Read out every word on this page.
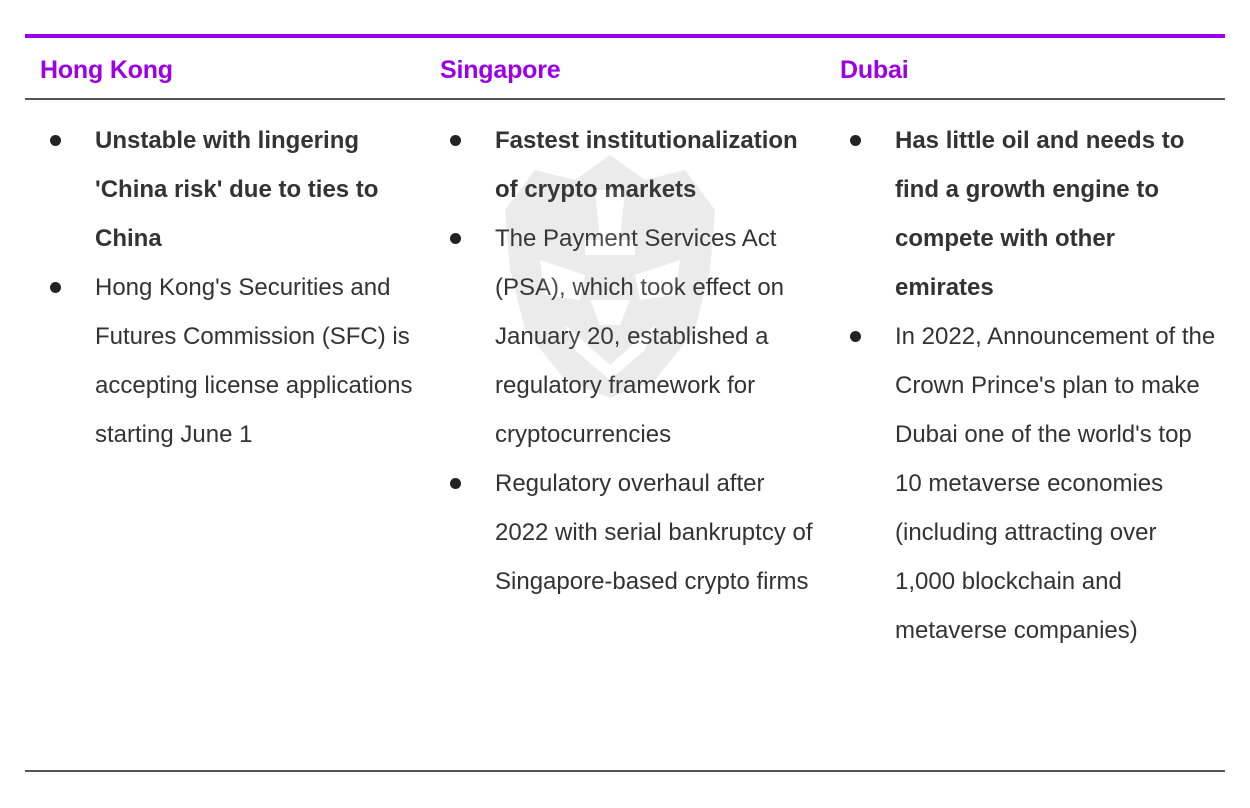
Hong Kong	Singapore	Dubai
Unstable with lingering 'China risk' due to ties to China
Hong Kong's Securities and Futures Commission (SFC) is accepting license applications starting June 1
Fastest institutionalization of crypto markets
The Payment Services Act (PSA), which took effect on January 20, established a regulatory framework for cryptocurrencies
Regulatory overhaul after 2022 with serial bankruptcy of Singapore-based crypto firms
Has little oil and needs to find a growth engine to compete with other emirates
In 2022, Announcement of the Crown Prince's plan to make Dubai one of the world's top 10 metaverse economies (including attracting over 1,000 blockchain and metaverse companies)
